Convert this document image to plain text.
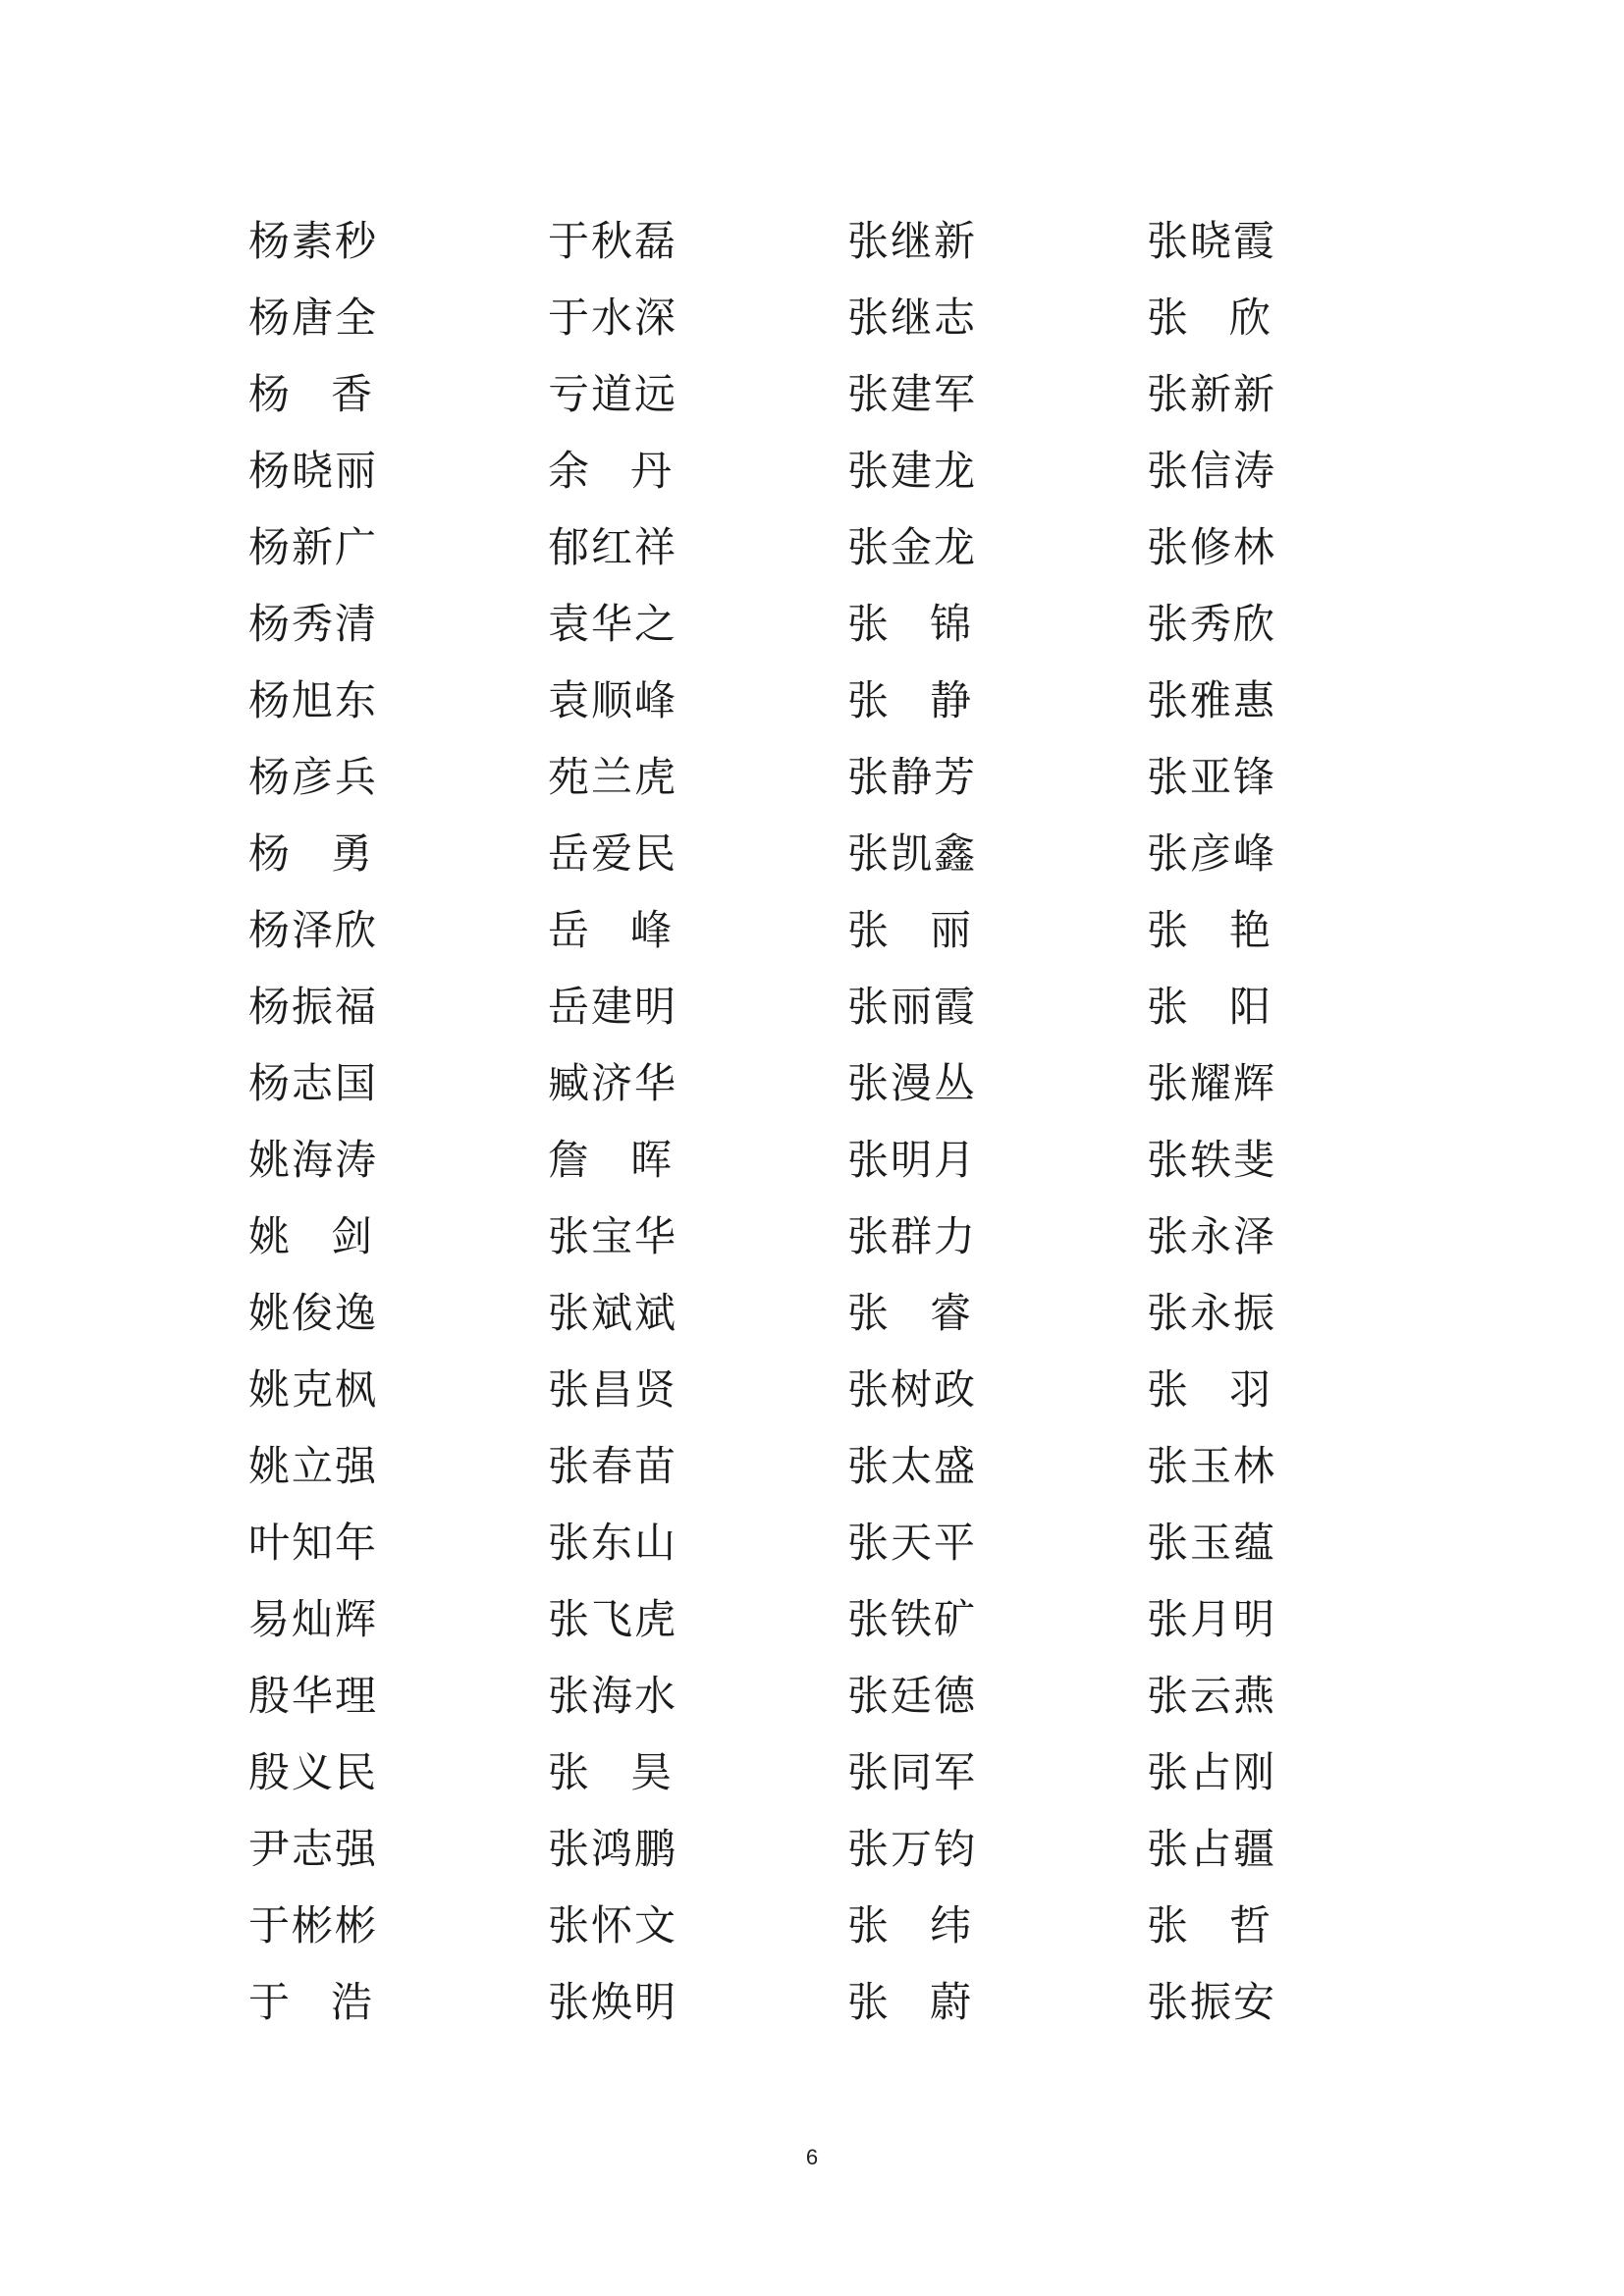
杨素秒	于秋磊	张继新	张晓霞
杨唐全	于水深	张继志	张 欣
杨 香	亏道远	张建军	张新新
杨晓丽	余 丹	张建龙	张信涛
杨新广	郁红祥	张金龙	张修林
杨秀清	袁华之	张 锦	张秀欣
杨旭东	袁顺峰	张 静	张雅惠
杨彦兵	苑兰虎	张静芳	张亚锋
杨 勇	岳爱民	张凯鑫	张彦峰
杨泽欣	岳 峰	张 丽	张 艳
杨振福	岳建明	张丽霞	张 阳
杨志国	臧济华	张漫丛	张耀辉
姚海涛	詹 晖	张明月	张轶斐
姚 剑	张宝华	张群力	张永泽
姚俊逸	张斌斌	张 睿	张永振
姚克枫	张昌贤	张树政	张 羽
姚立强	张春苗	张太盛	张玉林
叶知年	张东山	张天平	张玉蕴
易灿辉	张飞虎	张铁矿	张月明
殷华理	张海水	张廷德	张云燕
殷义民	张 昊	张同军	张占刚
尹志强	张鸿鹏	张万钧	张占疆
于彬彬	张怀文	张 纬	张 哲
于 浩	张焕明	张 蔚	张振安
6
